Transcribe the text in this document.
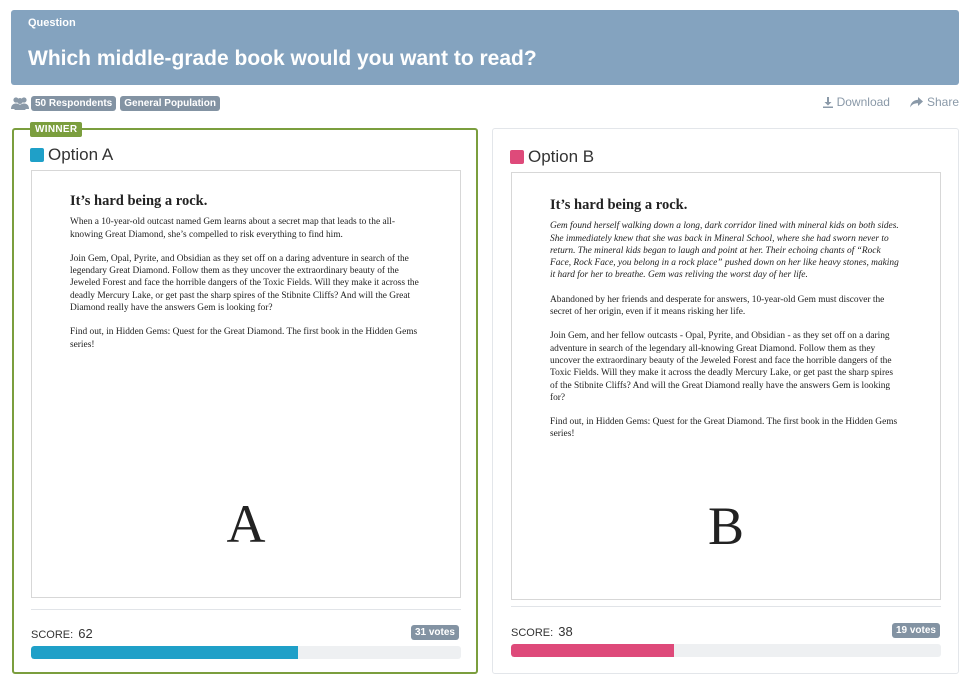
Question
Which middle-grade book would you want to read?
50 Respondents	General Population	Download	Share
WINNER
Option A
It’s hard being a rock.

When a 10-year-old outcast named Gem learns about a secret map that leads to the all-knowing Great Diamond, she’s compelled to risk everything to find him.

Join Gem, Opal, Pyrite, and Obsidian as they set off on a daring adventure in search of the legendary Great Diamond. Follow them as they uncover the extraordinary beauty of the Jeweled Forest and face the horrible dangers of the Toxic Fields. Will they make it across the deadly Mercury Lake, or get past the sharp spires of the Stibnite Cliffs? And will the Great Diamond really have the answers Gem is looking for?

Find out, in Hidden Gems: Quest for the Great Diamond. The first book in the Hidden Gems series!

A
SCORE: 62	31 votes
Option B
It’s hard being a rock.

Gem found herself walking down a long, dark corridor lined with mineral kids on both sides. She immediately knew that she was back in Mineral School, where she had sworn never to return. The mineral kids began to laugh and point at her. Their echoing chants of “Rock Face, Rock Face, you belong in a rock place” pushed down on her like heavy stones, making it hard for her to breathe. Gem was reliving the worst day of her life.

Abandoned by her friends and desperate for answers, 10-year-old Gem must discover the secret of her origin, even if it means risking her life.

Join Gem, and her fellow outcasts - Opal, Pyrite, and Obsidian - as they set off on a daring adventure in search of the legendary all-knowing Great Diamond. Follow them as they uncover the extraordinary beauty of the Jeweled Forest and face the horrible dangers of the Toxic Fields. Will they make it across the deadly Mercury Lake, or get past the sharp spires of the Stibnite Cliffs? And will the Great Diamond really have the answers Gem is looking for?

Find out, in Hidden Gems: Quest for the Great Diamond. The first book in the Hidden Gems series!

B
SCORE: 38	19 votes
